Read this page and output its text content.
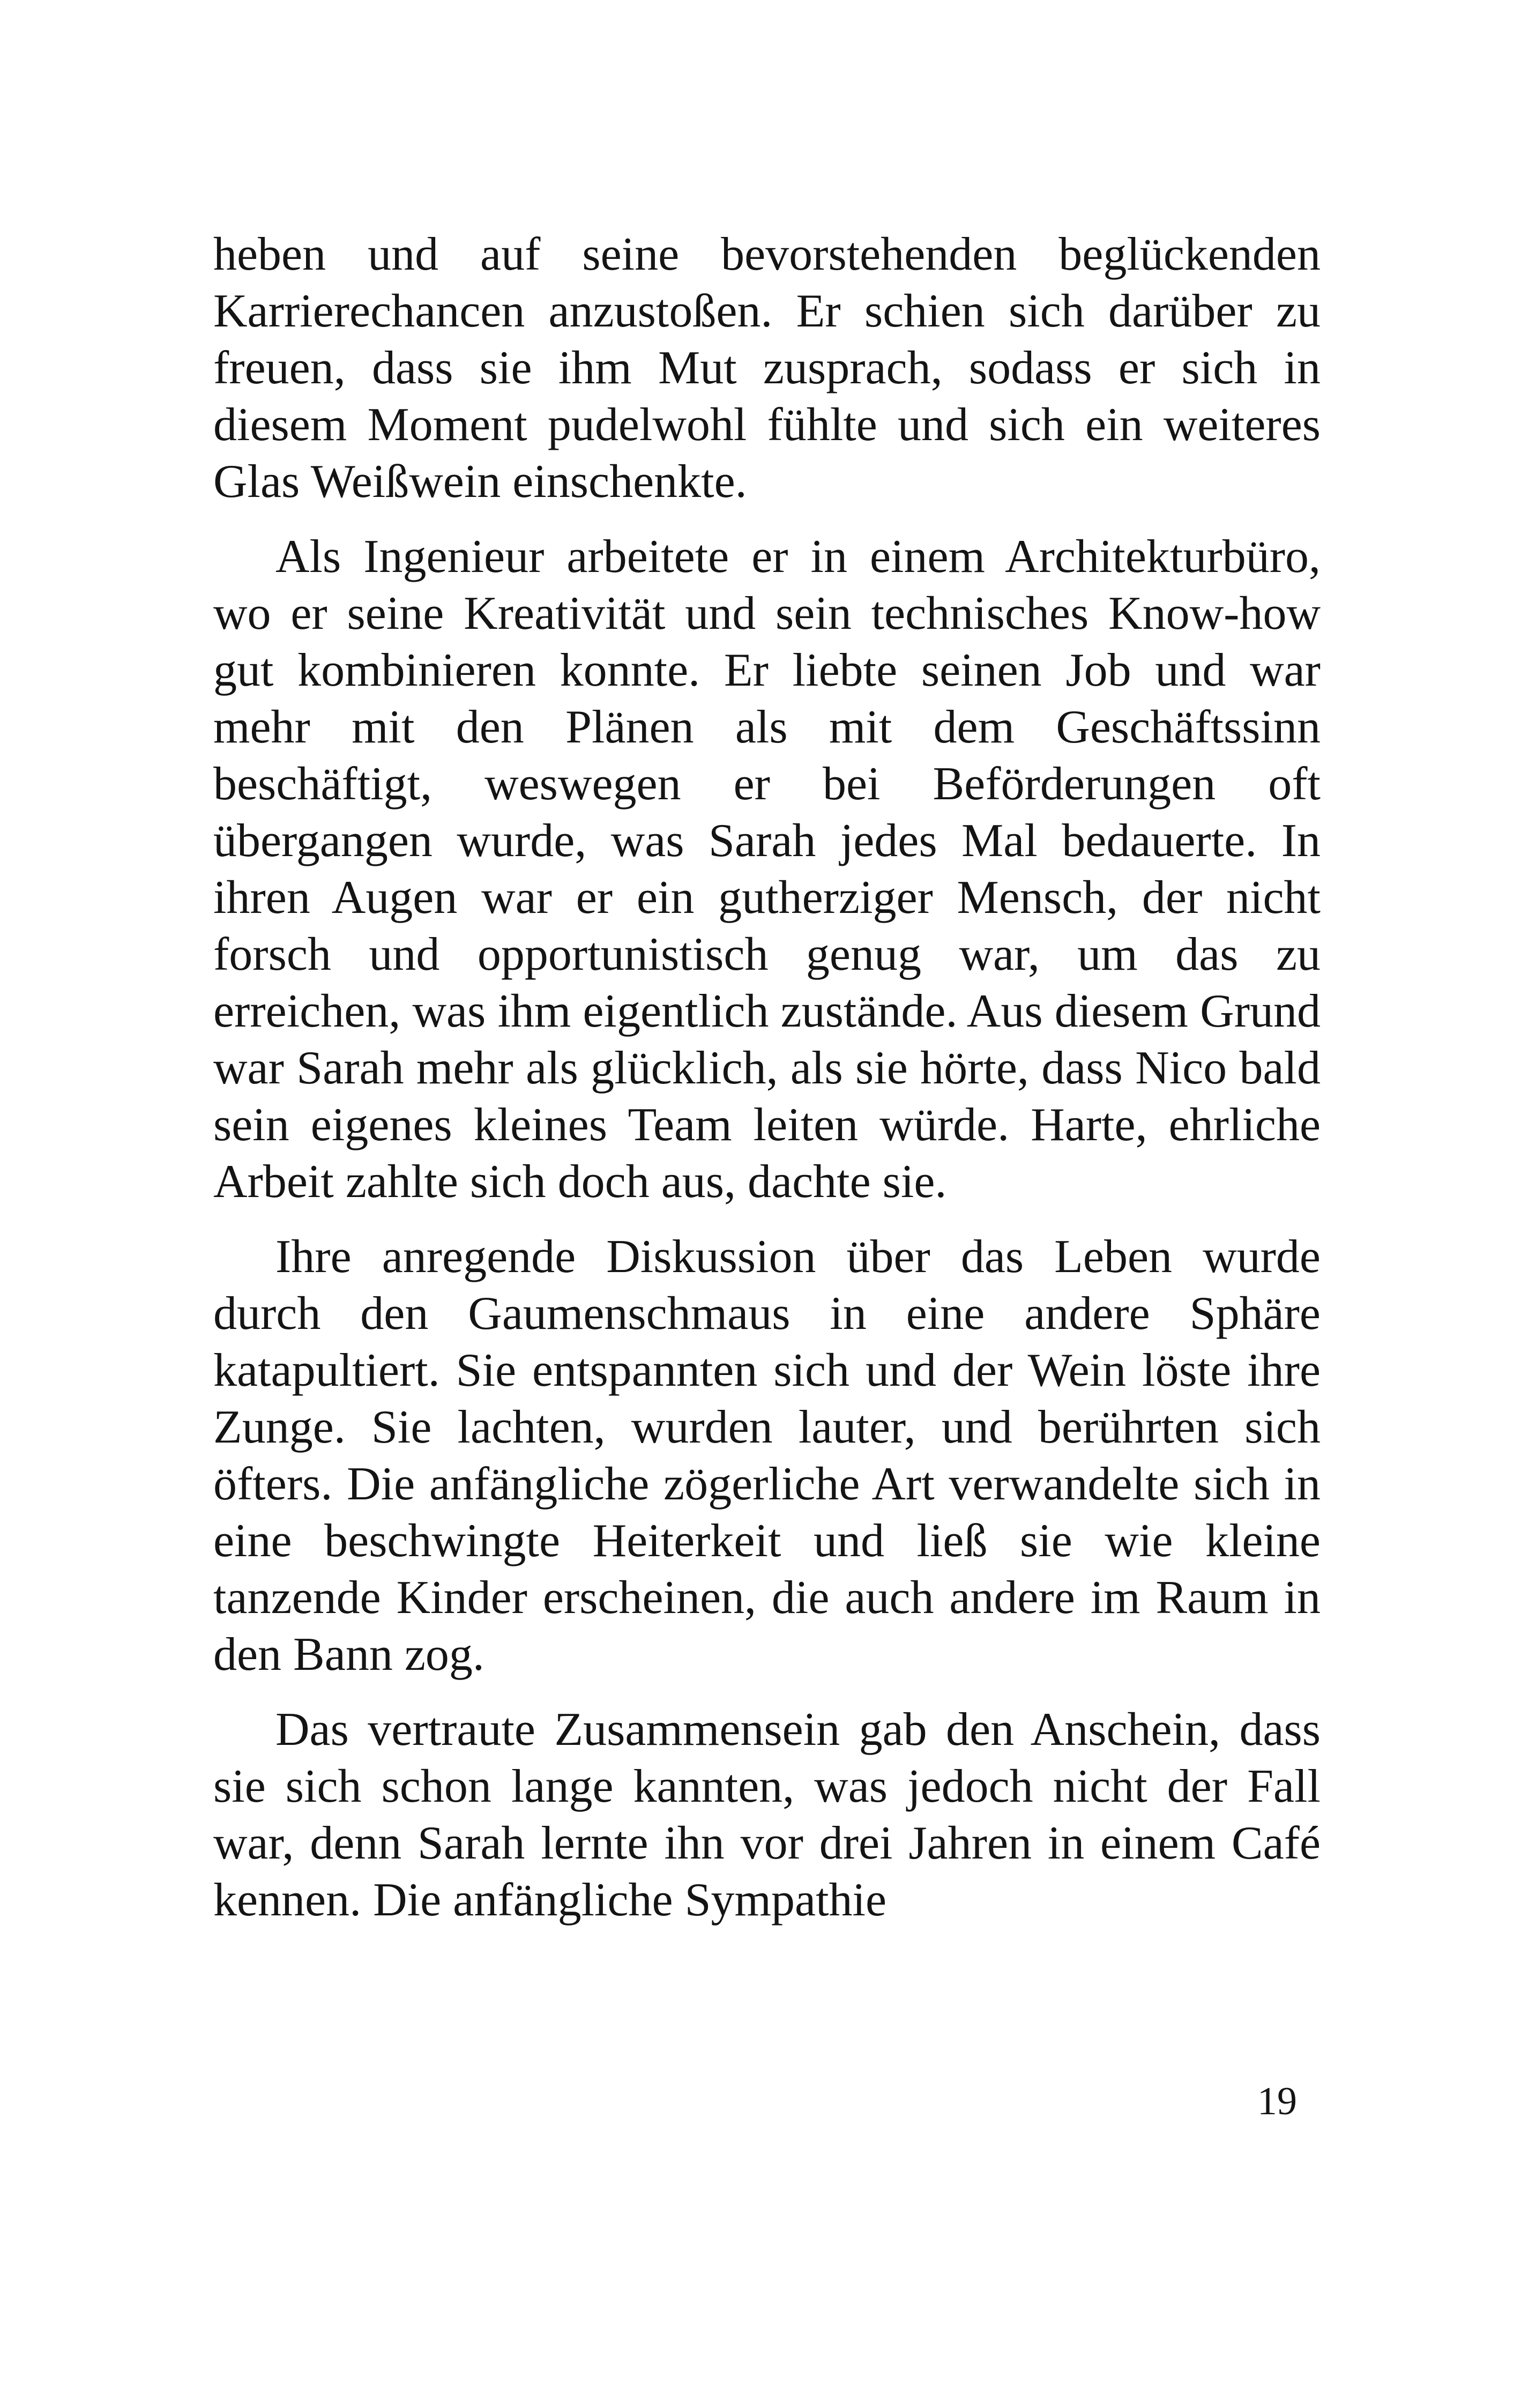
heben und auf seine bevorstehenden beglückenden Karrierechancen anzustoßen. Er schien sich darüber zu freuen, dass sie ihm Mut zusprach, sodass er sich in diesem Moment pudelwohl fühlte und sich ein weiteres Glas Weißwein einschenkte.

Als Ingenieur arbeitete er in einem Architekturbüro, wo er seine Kreativität und sein technisches Know-how gut kombinieren konnte. Er liebte seinen Job und war mehr mit den Plänen als mit dem Geschäftssinn beschäftigt, weswegen er bei Beförderungen oft übergangen wurde, was Sarah jedes Mal bedauerte. In ihren Augen war er ein gutherziger Mensch, der nicht forsch und opportunistisch genug war, um das zu erreichen, was ihm eigentlich zustände. Aus diesem Grund war Sarah mehr als glücklich, als sie hörte, dass Nico bald sein eigenes kleines Team leiten würde. Harte, ehrliche Arbeit zahlte sich doch aus, dachte sie.

Ihre anregende Diskussion über das Leben wurde durch den Gaumenschmaus in eine andere Sphäre katapultiert. Sie entspannten sich und der Wein löste ihre Zunge. Sie lachten, wurden lauter, und berührten sich öfters. Die anfängliche zögerliche Art verwandelte sich in eine beschwingte Heiterkeit und ließ sie wie kleine tanzende Kinder erscheinen, die auch andere im Raum in den Bann zog.

Das vertraute Zusammensein gab den Anschein, dass sie sich schon lange kannten, was jedoch nicht der Fall war, denn Sarah lernte ihn vor drei Jahren in einem Café kennen. Die anfängliche Sympathie

19
